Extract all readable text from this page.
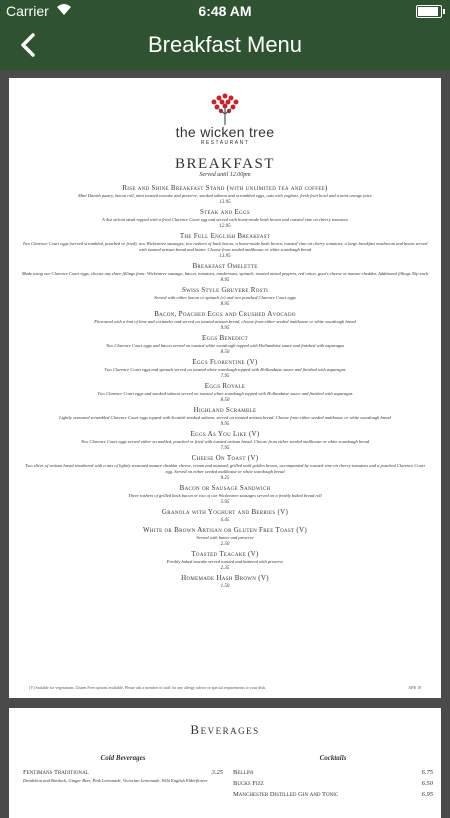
Carrier	6:48 AM
Breakfast Menu
the wicken tree
RESTAURANT
BREAKFAST
Served until 12.00pm
Rise and Shine Breakfast Stand (with unlimited tea and coffee)
Mini Danish pastry, bacon roll, mini toasted teacake and preserve, smoked salmon and scrambled eggs, oats with yoghurt, fresh fruit bowl and a mini orange juice
13.95
Steak and Eggs
A 4oz sirloin steak topped with a fried Clarence Court egg and served with home-made hash brown and roasted vine on cherry tomatoes
12.95
The Full English Breakfast
Two Clarence Court eggs (served scrambled, poached or fried), two Wickentree sausages, two rashers of back bacon, a home-made hash brown, roasted vine-on cherry tomatoes, a large breakfast mushroom and beans served with toasted artisan bread and butter. Choose from seeded malthouse or white sourdough bread
13.95
Breakfast Omelette
Made using our Clarence Court eggs, choose any three fillings from: Wickentree sausage, bacon, tomatoes, mushrooms, spinach, roasted mixed peppers, red onion, goat's cheese or mature cheddar. Additional fillings 50p each
8.95
Swiss Style Gruyere Rosti
Served with either bacon or spinach (v) and two poached Clarence Court eggs
8.95
Bacon, Poached Eggs and Crushed Avocado
Flavoured with a hint of lime and coriander and served on toasted artisan bread, choose from either seeded malthouse or white sourdough bread
9.95
Eggs Benedict
Two Clarence Court eggs and bacon served on toasted white sourdough topped with Hollandaise sauce and finished with asparagus
8.50
Eggs Florentine (V)
Two Clarence Court eggs and spinach served on toasted white sourdough topped with Hollandaise sauce and finished with asparagus
7.95
Eggs Royale
Two Clarence Court eggs and smoked salmon served on toasted white sourdough topped with Hollandaise sauce and finished with asparagus
8.50
Highland Scramble
Lightly seasoned scrambled Clarence Court eggs topped with Scottish smoked salmon, served on toasted artisan bread. Choose from either seeded malthouse or white sourdough bread
9.95
Eggs As You Like (V)
Two Clarence Court eggs served either scrambled, poached or fried with toasted artisan bread. Choose from either seeded malthouse or white sourdough bread
7.95
Cheese On Toast (V)
Two slices of artisan bread smothered with a mix of lightly seasoned mature cheddar cheese, cream and mustard, grilled until golden brown, accompanied by roasted vine-on cherry tomatoes and a poached Clarence Court egg. Served on either seeded malthouse or white sourdough bread
9.25
Bacon or Sausage Sandwich
Three rashers of grilled back bacon or two of our Wickentree sausages served on a freshly baked bread roll
5.95
Granola with Yoghurt and Berries (V)
6.45
White or Brown Artisan or Gluten Free Toast (V)
Served with butter and preserve
2.50
Toasted Teacake (V)
Freshly baked teacake served toasted and buttered with preserve
2.35
Homemade Hash Brown (V)
1.50
(V) Suitable for vegetarians. Gluten Free options available. Please ask a member of staff for any allergy advice or special requirements to your dish.	APR 18
Beverages
Cold Beverages
Fentimans Traditional	3.25
Dandelion and Burdock, Ginger Beer, Pink Lemonade, Victorian Lemonade, Wild English Elderflower
Cocktails
Bellini	6.75
Bucks Fizz	6.50
Manchester Distilled Gin and Tonic	6.95
